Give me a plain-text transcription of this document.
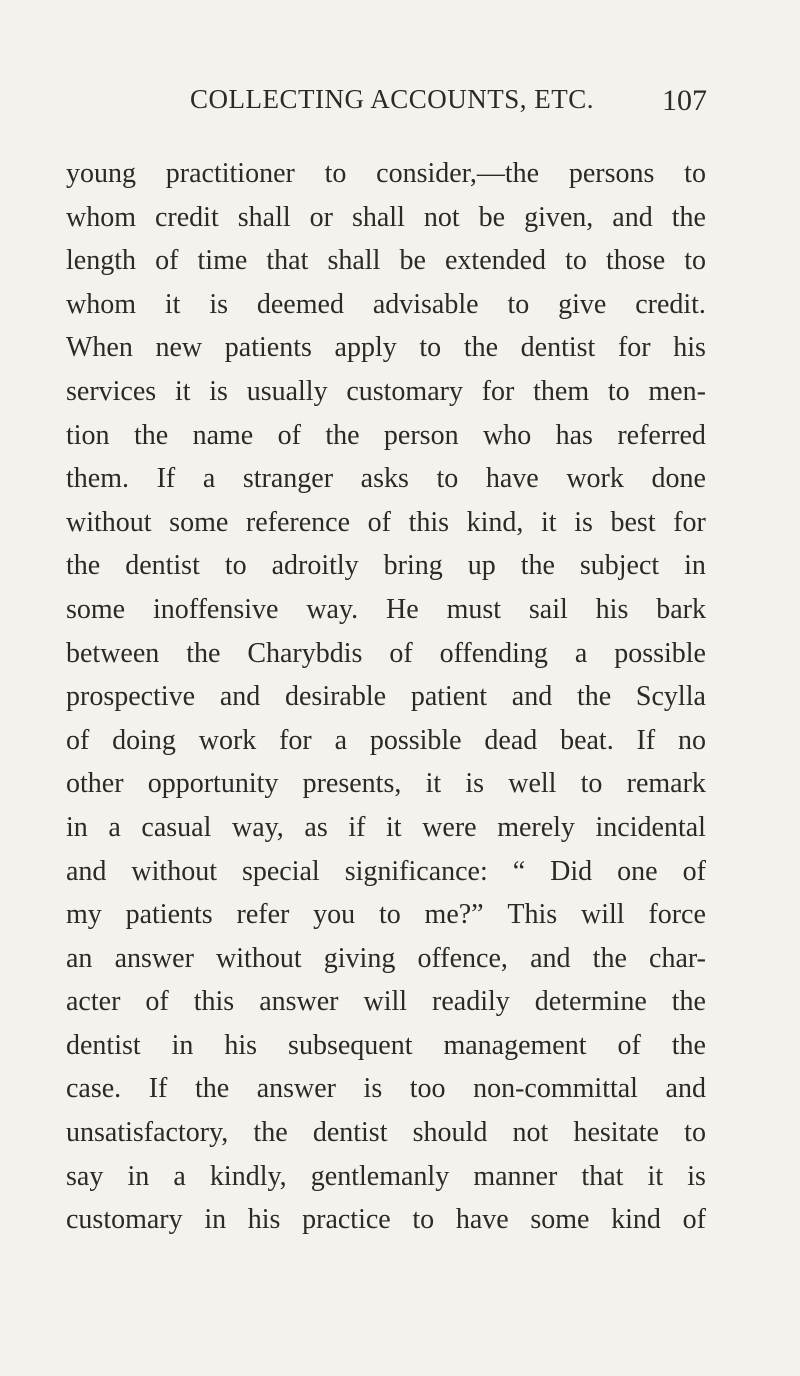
COLLECTING ACCOUNTS, ETC. 107
young practitioner to consider,—the persons to
whom credit shall or shall not be given, and the
length of time that shall be extended to those to
whom it is deemed advisable to give credit.
When new patients apply to the dentist for his
services it is usually customary for them to men-
tion the name of the person who has referred
them. If a stranger asks to have work done
without some reference of this kind, it is best for
the dentist to adroitly bring up the subject in
some inoffensive way. He must sail his bark
between the Charybdis of offending a possible
prospective and desirable patient and the Scylla
of doing work for a possible dead beat. If no
other opportunity presents, it is well to remark
in a casual way, as if it were merely incidental
and without special significance: “ Did one of
my patients refer you to me?” This will force
an answer without giving offence, and the char-
acter of this answer will readily determine the
dentist in his subsequent management of the
case. If the answer is too non-committal and
unsatisfactory, the dentist should not hesitate to
say in a kindly, gentlemanly manner that it is
customary in his practice to have some kind of
